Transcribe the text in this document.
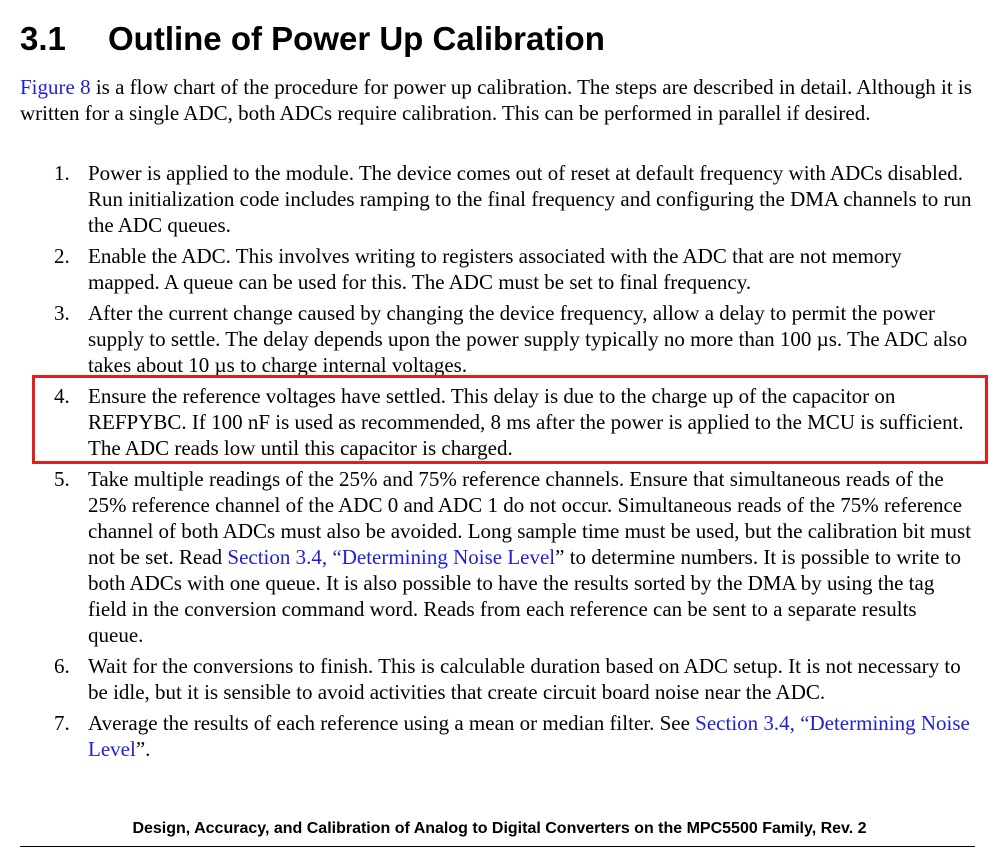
3.1 Outline of Power Up Calibration

Figure 8 is a flow chart of the procedure for power up calibration. The steps are described in detail. Although it is written for a single ADC, both ADCs require calibration. This can be performed in parallel if desired.

1. Power is applied to the module. The device comes out of reset at default frequency with ADCs disabled. Run initialization code includes ramping to the final frequency and configuring the DMA channels to run the ADC queues.
2. Enable the ADC. This involves writing to registers associated with the ADC that are not memory mapped. A queue can be used for this. The ADC must be set to final frequency.
3. After the current change caused by changing the device frequency, allow a delay to permit the power supply to settle. The delay depends upon the power supply typically no more than 100 µs. The ADC also takes about 10 µs to charge internal voltages.
4. Ensure the reference voltages have settled. This delay is due to the charge up of the capacitor on REFPYBC. If 100 nF is used as recommended, 8 ms after the power is applied to the MCU is sufficient. The ADC reads low until this capacitor is charged.
5. Take multiple readings of the 25% and 75% reference channels. Ensure that simultaneous reads of the 25% reference channel of the ADC 0 and ADC 1 do not occur. Simultaneous reads of the 75% reference channel of both ADCs must also be avoided. Long sample time must be used, but the calibration bit must not be set. Read Section 3.4, “Determining Noise Level” to determine numbers. It is possible to write to both ADCs with one queue. It is also possible to have the results sorted by the DMA by using the tag field in the conversion command word. Reads from each reference can be sent to a separate results queue.
6. Wait for the conversions to finish. This is calculable duration based on ADC setup. It is not necessary to be idle, but it is sensible to avoid activities that create circuit board noise near the ADC.
7. Average the results of each reference using a mean or median filter. See Section 3.4, “Determining Noise Level”.

Design, Accuracy, and Calibration of Analog to Digital Converters on the MPC5500 Family, Rev. 2
